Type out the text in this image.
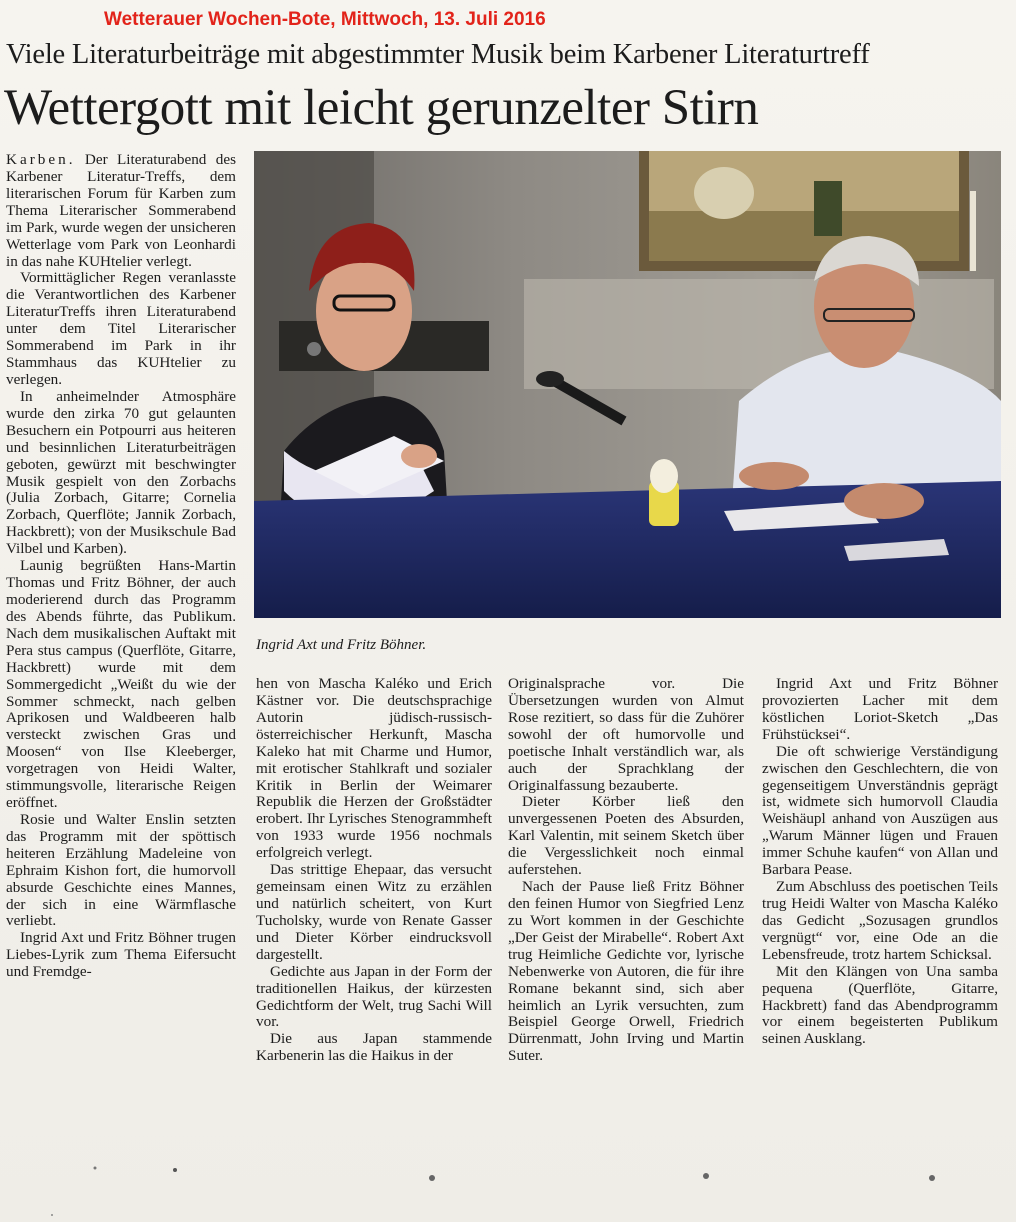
Wetterauer Wochen-Bote, Mittwoch, 13. Juli 2016
Viele Literaturbeiträge mit abgestimmter Musik beim Karbener Literaturtreff
Wettergott mit leicht gerunzelter Stirn

Karben. Der Literaturabend des Karbener Literatur-Treffs, dem literarischen Forum für Karben zum Thema Literarischer Sommerabend im Park, wurde wegen der unsicheren Wetterlage vom Park von Leonhardi in das nahe KUHtelier verlegt.

Vormittäglicher Regen veranlasste die Verantwortlichen des Karbener LiteraturTreffs ihren Literaturabend unter dem Titel Literarischer Sommerabend im Park in ihr Stammhaus das KUHtelier zu verlegen.

In anheimelnder Atmosphäre wurde den zirka 70 gut gelaunten Besuchern ein Potpourri aus heiteren und besinnlichen Literaturbeiträgen geboten, gewürzt mit beschwingter Musik gespielt von den Zorbachs (Julia Zorbach, Gitarre; Cornelia Zorbach, Querflöte; Jannik Zorbach, Hackbrett); von der Musikschule Bad Vilbel und Karben).

Launig begrüßten Hans-Martin Thomas und Fritz Böhner, der auch moderierend durch das Programm des Abends führte, das Publikum. Nach dem musikalischen Auftakt mit Pera stus campus (Querflöte, Gitarre, Hackbrett) wurde mit dem Sommergedicht „Weißt du wie der Sommer schmeckt, nach gelben Aprikosen und Waldbeeren halb versteckt zwischen Gras und Moosen“ von Ilse Kleeberger, vorgetragen von Heidi Walter, stimmungsvolle, literarische Reigen eröffnet.

Rosie und Walter Enslin setzten das Programm mit der spöttisch heiteren Erzählung Madeleine von Ephraim Kishon fort, die humorvoll absurde Geschichte eines Mannes, der sich in eine Wärmflasche verliebt.

Ingrid Axt und Fritz Böhner trugen Liebes-Lyrik zum Thema Eifersucht und Fremdge-

Ingrid Axt und Fritz Böhner.

hen von Mascha Kaléko und Erich Kästner vor. Die deutschsprachige Autorin jüdisch-russisch-österreichischer Herkunft, Mascha Kaleko hat mit Charme und Humor, mit erotischer Stahlkraft und sozialer Kritik in Berlin der Weimarer Republik die Herzen der Großstädter erobert. Ihr Lyrisches Stenogrammheft von 1933 wurde 1956 nochmals erfolgreich verlegt.

Das strittige Ehepaar, das versucht gemeinsam einen Witz zu erzählen und natürlich scheitert, von Kurt Tucholsky, wurde von Renate Gasser und Dieter Körber eindrucksvoll dargestellt.

Gedichte aus Japan in der Form der traditionellen Haikus, der kürzesten Gedichtform der Welt, trug Sachi Will vor.

Die aus Japan stammende Karbenerin las die Haikus in der

Originalsprache vor. Die Übersetzungen wurden von Almut Rose rezitiert, so dass für die Zuhörer sowohl der oft humorvolle und poetische Inhalt verständlich war, als auch der Sprachklang der Originalfassung bezauberte.

Dieter Körber ließ den unvergessenen Poeten des Absurden, Karl Valentin, mit seinem Sketch über die Vergesslichkeit noch einmal auferstehen.

Nach der Pause ließ Fritz Böhner den feinen Humor von Siegfried Lenz zu Wort kommen in der Geschichte „Der Geist der Mirabelle“. Robert Axt trug Heimliche Gedichte vor, lyrische Nebenwerke von Autoren, die für ihre Romane bekannt sind, sich aber heimlich an Lyrik versuchten, zum Beispiel George Orwell, Friedrich Dürrenmatt, John Irving und Martin Suter.

Ingrid Axt und Fritz Böhner provozierten Lacher mit dem köstlichen Loriot-Sketch „Das Frühstücksei“.

Die oft schwierige Verständigung zwischen den Geschlechtern, die von gegenseitigem Unverständnis geprägt ist, widmete sich humorvoll Claudia Weishäupl anhand von Auszügen aus „Warum Männer lügen und Frauen immer Schuhe kaufen“ von Allan und Barbara Pease.

Zum Abschluss des poetischen Teils trug Heidi Walter von Mascha Kaléko das Gedicht „Sozusagen grundlos vergnügt“ vor, eine Ode an die Lebensfreude, trotz hartem Schicksal.

Mit den Klängen von Una samba pequena (Querflöte, Gitarre, Hackbrett) fand das Abendprogramm vor einem begeisterten Publikum seinen Ausklang.
